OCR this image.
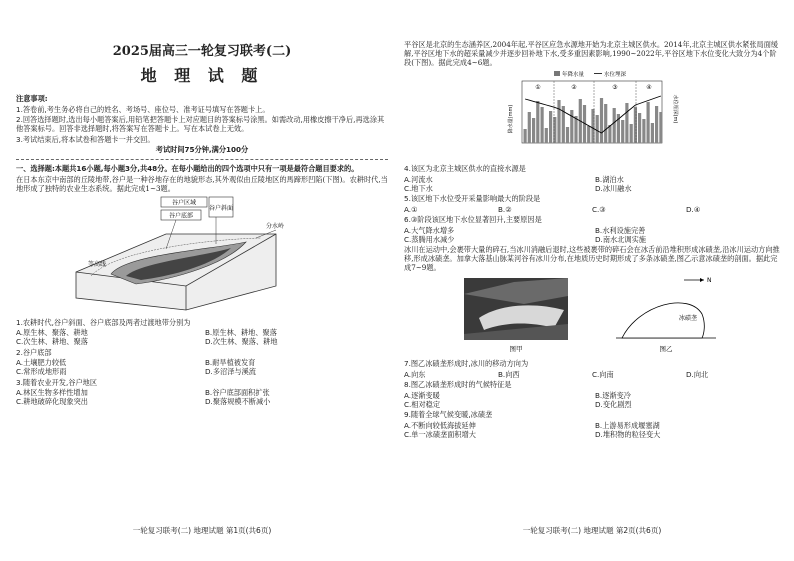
2025届高三一轮复习联考(二)
地 理 试 题
注意事项:

1.答卷前,考生务必将自己的姓名、考场号、座位号、准考证号填写在答题卡上。

2.回答选择题时,选出每小题答案后,用铅笔把答题卡上对应题目的答案标号涂黑。如需改动,用橡皮擦干净后,再选涂其他答案标号。回答非选择题时,将答案写在答题卡上。写在本试卷上无效。

3.考试结束后,将本试卷和答题卡一并交回。

考试时间75分钟,满分100分

一、选择题:本题共16小题,每小题3分,共48分。在每小题给出的四个选项中只有一项是最符合题目要求的。

在日本东京中南部的丘陵地带,谷户是一种谷地存在的地貌形态,其外观似由丘陵地区的馬蹄形凹陷(下图)。农耕时代,当地形成了独特的农业生态系统。据此完成1~3题。

谷户区域
谷户斜面
谷户底部
分水岭
等高线

1.农耕时代,谷户斜面、谷户底部及两者过渡地带分别为

A.原生林、聚落、耕地	B.原生林、耕地、聚落
C.次生林、耕地、聚落	D.次生林、聚落、耕地

2.谷户底部

A.土壤肥力较低	B.耐旱植被发育
C.常形成地形雨	D.多沼泽与溪流

3.随着农业开发,谷户地区

A.林区生物多样性增加	B.谷户底部面积扩张
C.耕地破碎化现象突出	D.聚落规模不断减小
一轮复习联考(二) 地理试题 第1页(共6页)

平谷区是北京的生态涵养区,2004年起,平谷区应急水源地开始为北京主城区供水。2014年,北京主城区供水紧张局面缓解,平谷区地下水的超采量减少并逐步回补地下水,受多重因素影响,1990~2022年,平谷区地下水位变化大致分为4个阶段(下图)。据此完成4~6题。

①	②	③	④
年降水量	水位埋深
降水量(mm)	水位埋深(m)

4.该区为北京主城区供水的直接水源是

A.河流水	B.湖泊水
C.地下水	D.冰川融水

5.该区地下水位受开采量影响最大的阶段是

A.①	B.②	C.③	D.④

6.③阶段该区地下水位显著回升,主要原因是

A.大气降水增多	B.水利设施完善
C.蒸腾用水减少	D.南水北调实施

冰川在运动中,会裹带大量的碎石,当冰川消融后退时,这些被裹带的碎石会在冰舌前沿堆积形成冰碛垄,沿冰川运动方向推移,形成冰碛垄。加拿大落基山脉某河谷有冰川分布,在地质历史时期形成了多条冰碛垄,图乙示意冰碛垄的剖面。据此完成7~9题。

图甲
冰碛垄
N
图乙

7.图乙冰碛垄形成时,冰川的移动方向为

A.向东	B.向西	C.向南	D.向北

8.图乙冰碛垄形成时的气候特征是

A.逐渐变暖	B.逐渐变冷
C.相对稳定	D.变化剧烈

9.随着全球气候变暖,冰碛垄

A.不断向较低海拔延伸	B.上游易形成堰塞湖
C.单一冰碛垄面积增大	D.堆积物的粒径变大
一轮复习联考(二) 地理试题 第2页(共6页)
